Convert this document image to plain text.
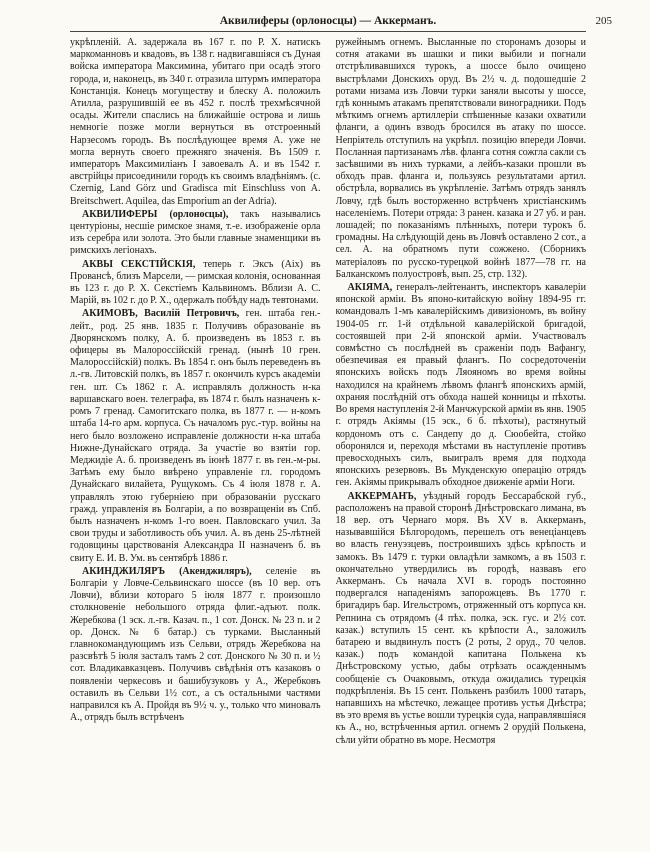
Аквилиферы (орлоносцы) — Аккерманъ.	205

укрѣпленій. А. задержала въ 167 г. по Р. Х. натискъ маркоманновъ и квадовъ, въ 138 г. надвигавшіяся съ Дуная войска императора Максимина, убитаго при осадѣ этого города, и, наконецъ, въ 340 г. отразила штурмъ императора Констанція. Конецъ могуществу и блеску А. положилъ Атилла, разрушившій ее въ 452 г. послѣ трехмѣсячной осады. Жители спаслись на ближайшіе острова и лишь немногіе позже могли вернуться въ отстроенный Нарзесомъ городъ. Въ послѣдующее время А. уже не могла вернуть своего прежняго значенія. Въ 1509 г. императоръ Максимиліанъ I завоевалъ А. и въ 1542 г. австрійцы присоединили городъ къ своимъ владѣніямъ. (c. Czernig, Land Görz und Gradisca mit Einschluss von A. Breitschwert. Aquilea, das Emporium an der Adria).

АКВИЛИФЕРЫ (орлоносцы), такъ назывались центуріоны, несшіе римское знамя, т.-е. изображеніе орла изъ серебра или золота. Это были главные знаменщики въ римскихъ легіонахъ.

АКВЫ СЕКСТІЙСКІЯ, теперь г. Эксъ (Aix) въ Провансѣ, близъ Марсели, — римская колонія, основанная въ 123 г. до Р. Х. Секстіемъ Кальвиномъ. Вблизи А. С. Марій, въ 102 г. до Р. Х., одержалъ побѣду надъ тевтонами.

АКИМОВЪ, Василій Петровичъ, ген. штаба ген.-лейт., род. 25 янв. 1835 г. Получивъ образованіе въ Дворянскомъ полку, А. б. произведенъ въ 1853 г. въ офицеры въ Малороссійскій гренад. (нынѣ 10 грен. Малороссійскій) полкъ. Въ 1854 г. онъ былъ переведенъ въ л.-гв. Литовскій полкъ, въ 1857 г. окончилъ курсъ академіи ген. шт. Съ 1862 г. А. исправлялъ должность н-ка варшавскаго воен. телеграфа, въ 1874 г. былъ назначенъ к-ромъ 7 гренад. Самогитскаго полка, въ 1877 г. — н-комъ штаба 14-го арм. корпуса. Съ началомъ рус.-тур. войны на него было возложено исправленіе должности н-ка штаба Нижне-Дунайскаго отряда. За участіе во взятіи гор. Меджидіе А. б. произведенъ въ іюнѣ 1877 г. въ ген.-м-ры. Затѣмъ ему было ввѣрено управленіе гл. городомъ Дунайскаго вилайета, Рущукомъ. Съ 4 іюля 1878 г. А. управлялъ этою губерніею при образованіи русскаго гражд. управленія въ Болгаріи, а по возвращеніи въ Спб. былъ назначенъ н-комъ 1-го воен. Павловскаго учил. За свои труды и заботливость объ учил. А. въ день 25-лѣтней годовщины царствованія Александра II назначенъ б. въ свиту Е. И. В. Ум. въ сентябрѣ 1886 г.

АКИНДЖИЛЯРЪ (Акенджиляръ), селеніе въ Болгаріи у Ловче-Сельвинскаго шоссе (въ 10 вер. отъ Ловчи), вблизи котораго 5 іюля 1877 г. произошло столкновеніе небольшого отряда флиг.-адъют. полк. Жеребкова (1 эск. л.-гв. Казач. п., 1 сот. Донск. № 23 п. и 2 ор. Донск. № 6 батар.) съ турками. Высланный главнокомандующимъ изъ Сельви, отрядъ Жеребкова на разсвѣтѣ 5 іюля засталъ тамъ 2 сот. Донского № 30 п. и ½ сот. Владикавказцевъ. Получивъ свѣдѣнія отъ казаковъ о появленіи черкесовъ и башибузуковъ у А., Жеребковъ оставилъ въ Сельви 1½ сот., а съ остальными частями направился къ А. Пройдя въ 9½ ч. у., только что миновалъ А., отрядъ былъ встрѣченъ

ружейнымъ огнемъ. Высланные по сторонамъ дозоры и сотня атаками въ шашки и пики выбили и погнали отстрѣливавшихся турокъ, а шоссе было очищено выстрѣлами Донскихъ оруд. Въ 2½ ч. д. подошедшіе 2 ротами низама изъ Ловчи турки заняли высоты у шоссе, гдѣ коннымъ атакамъ препятствовали виноградники. Подъ мѣткимъ огнемъ артиллеріи спѣшенные казаки охватили фланги, а одинъ взводъ бросился въ атаку по шоссе. Непріятель отступилъ на укрѣпл. позицію впереди Ловчи. Посланная партизанамъ лѣв. фланга сотня сожгла сакли съ засѣвшими въ нихъ турками, а лейбъ-казаки прошли въ обходъ прав. фланга и, пользуясь результатами артил. обстрѣла, ворвались въ укрѣпленіе. Затѣмъ отрядъ занялъ Ловчу, гдѣ былъ восторженно встрѣченъ христіанскимъ населеніемъ. Потери отряда: 3 ранен. казака и 27 уб. и ран. лошадей; по показаніямъ плѣнныхъ, потери турокъ б. громадны. На слѣдующій день въ Ловчѣ оставлено 2 сот., а сел. А. на обратномъ пути сожжено. (Сборникъ матеріаловъ по русско-турецкой войнѣ 1877—78 гг. на Балканскомъ полуостровѣ, вып. 25, стр. 132).

АКІЯМА, генералъ-лейтенантъ, инспекторъ кавалеріи японской арміи. Въ японо-китайскую войну 1894-95 гг. командовалъ 1-мъ кавалерійскимъ дивизіономъ, въ войну 1904-05 гг. 1-й отдѣльной кавалерійской бригадой, состоявшей при 2-й японской арміи. Участвовалъ совмѣстно съ послѣдней въ сраженіи подъ Вафангу, обезпечивая ея правый флангъ. По сосредоточеніи японскихъ войскъ подъ Ляояномъ во время войны находился на крайнемъ лѣвомъ флангѣ японскихъ армій, охраняя послѣдній отъ обхода нашей конницы и пѣхоты. Во время наступленія 2-й Манчжурской арміи въ янв. 1905 г. отрядъ Акіямы (15 эск., 6 б. пѣхоты), растянутый кордономъ отъ с. Сандепу до д. Сюобейта, стойко оборонялся и, переходя мѣстами въ наступленіе противъ превосходныхъ силъ, выигралъ время для подхода японскихъ резервовъ. Въ Мукденскую операцію отрядъ ген. Акіямы прикрывалъ обходное движеніе арміи Ноги.

АККЕРМАНЪ, уѣздный городъ Бессарабской губ., расположенъ на правой сторонѣ Днѣстровскаго лимана, въ 18 вер. отъ Чернаго моря. Въ XV в. Аккерманъ, называвшійся Бѣлгородомъ, перешелъ отъ венеціанцевъ во власть генуэзцевъ, построившихъ здѣсь крѣпость и замокъ. Въ 1479 г. турки овладѣли замкомъ, а въ 1503 г. окончательно утвердились въ городѣ, назвавъ его Аккерманъ. Съ начала XVI в. городъ постоянно подвергался нападеніямъ запорожцевъ. Въ 1770 г. бригадиръ бар. Игельстромъ, отряженный отъ корпуса кн. Репнина съ отрядомъ (4 пѣх. полка, эск. гус. и 2½ сот. казак.) вступилъ 15 сент. къ крѣпости А., заложилъ батарею и выдвинулъ постъ (2 роты, 2 оруд., 70 челов. казак.) подъ командой капитана Полькена къ Днѣстровскому устью, дабы отрѣзать осажденнымъ сообщеніе съ Очаковымъ, откуда ожидались турецкія подкрѣпленія. Въ 15 сент. Полькенъ разбилъ 1000 татаръ, напавшихъ на мѣстечко, лежащее противъ устья Днѣстра; въ это время въ устье вошли турецкія суда, направлявшіяся къ А., но, встрѣченныя артил. огнемъ 2 орудій Полькена, сѣли уйти обратно въ море. Несмотря
